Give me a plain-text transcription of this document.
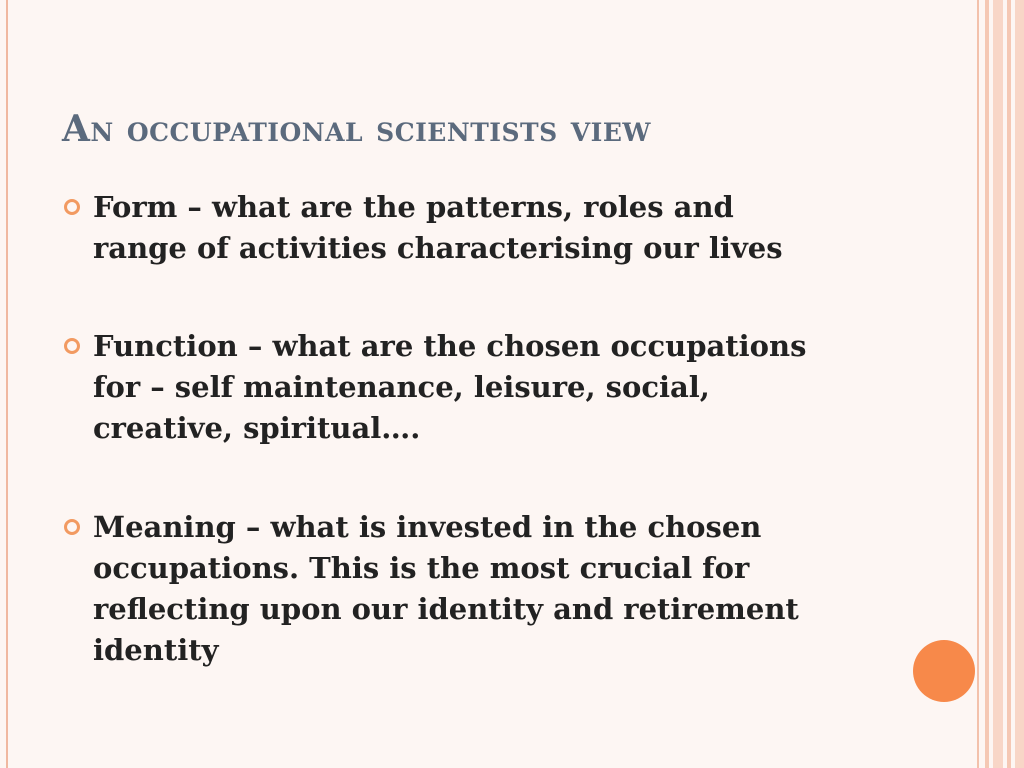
An occupational scientists view

Form – what are the patterns, roles and
range of activities characterising our lives

Function – what are the chosen occupations
for – self maintenance, leisure, social,
creative, spiritual….

Meaning – what is invested in the chosen
occupations. This is the most crucial for
reflecting upon our identity and retirement
identity
